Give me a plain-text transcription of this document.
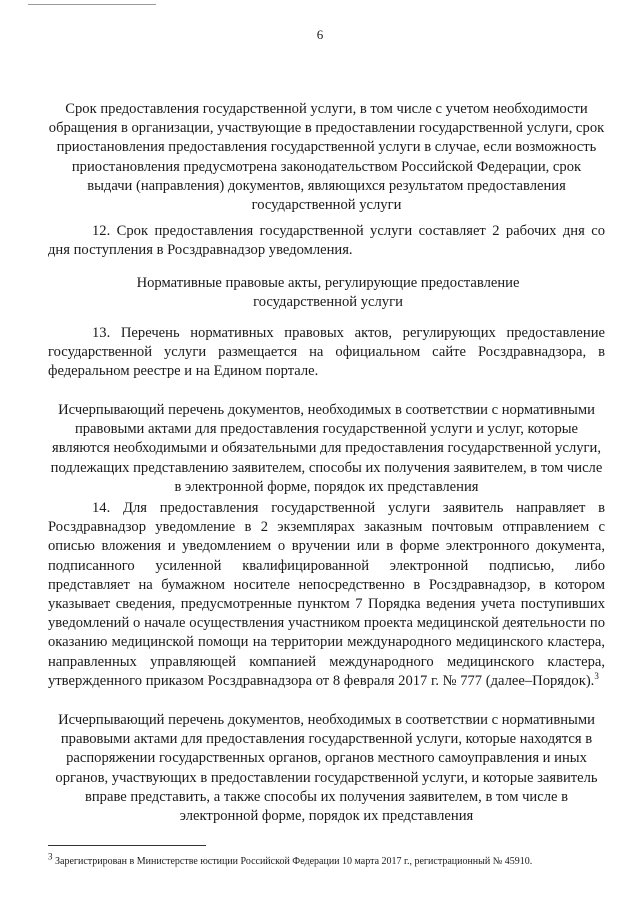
6
Срок предоставления государственной услуги, в том числе с учетом необходимости обращения в организации, участвующие в предоставлении государственной услуги, срок приостановления предоставления государственной услуги в случае, если возможность приостановления предусмотрена законодательством Российской Федерации, срок выдачи (направления) документов, являющихся результатом предоставления государственной услуги
12. Срок предоставления государственной услуги составляет 2 рабочих дня со дня поступления в Росздравнадзор уведомления.
Нормативные правовые акты, регулирующие предоставление государственной услуги
13. Перечень нормативных правовых актов, регулирующих предоставление государственной услуги размещается на официальном сайте Росздравнадзора, в федеральном реестре и на Едином портале.
Исчерпывающий перечень документов, необходимых в соответствии с нормативными правовыми актами для предоставления государственной услуги и услуг, которые являются необходимыми и обязательными для предоставления государственной услуги, подлежащих представлению заявителем, способы их получения заявителем, в том числе в электронной форме, порядок их представления
14. Для предоставления государственной услуги заявитель направляет в Росздравнадзор уведомление в 2 экземплярах заказным почтовым отправлением с описью вложения и уведомлением о вручении или в форме электронного документа, подписанного усиленной квалифицированной электронной подписью, либо представляет на бумажном носителе непосредственно в Росздравнадзор, в котором указывает сведения, предусмотренные пунктом 7 Порядка ведения учета поступивших уведомлений о начале осуществления участником проекта медицинской деятельности по оказанию медицинской помощи на территории международного медицинского кластера, направленных управляющей компанией международного медицинского кластера, утвержденного приказом Росздравнадзора от 8 февраля 2017 г. № 777 (далее–Порядок).$^3$
Исчерпывающий перечень документов, необходимых в соответствии с нормативными правовыми актами для предоставления государственной услуги, которые находятся в распоряжении государственных органов, органов местного самоуправления и иных органов, участвующих в предоставлении государственной услуги, и которые заявитель вправе представить, а также способы их получения заявителем, в том числе в электронной форме, порядок их представления
$^3$ Зарегистрирован в Министерстве юстиции Российской Федерации 10 марта 2017 г., регистрационный № 45910.
